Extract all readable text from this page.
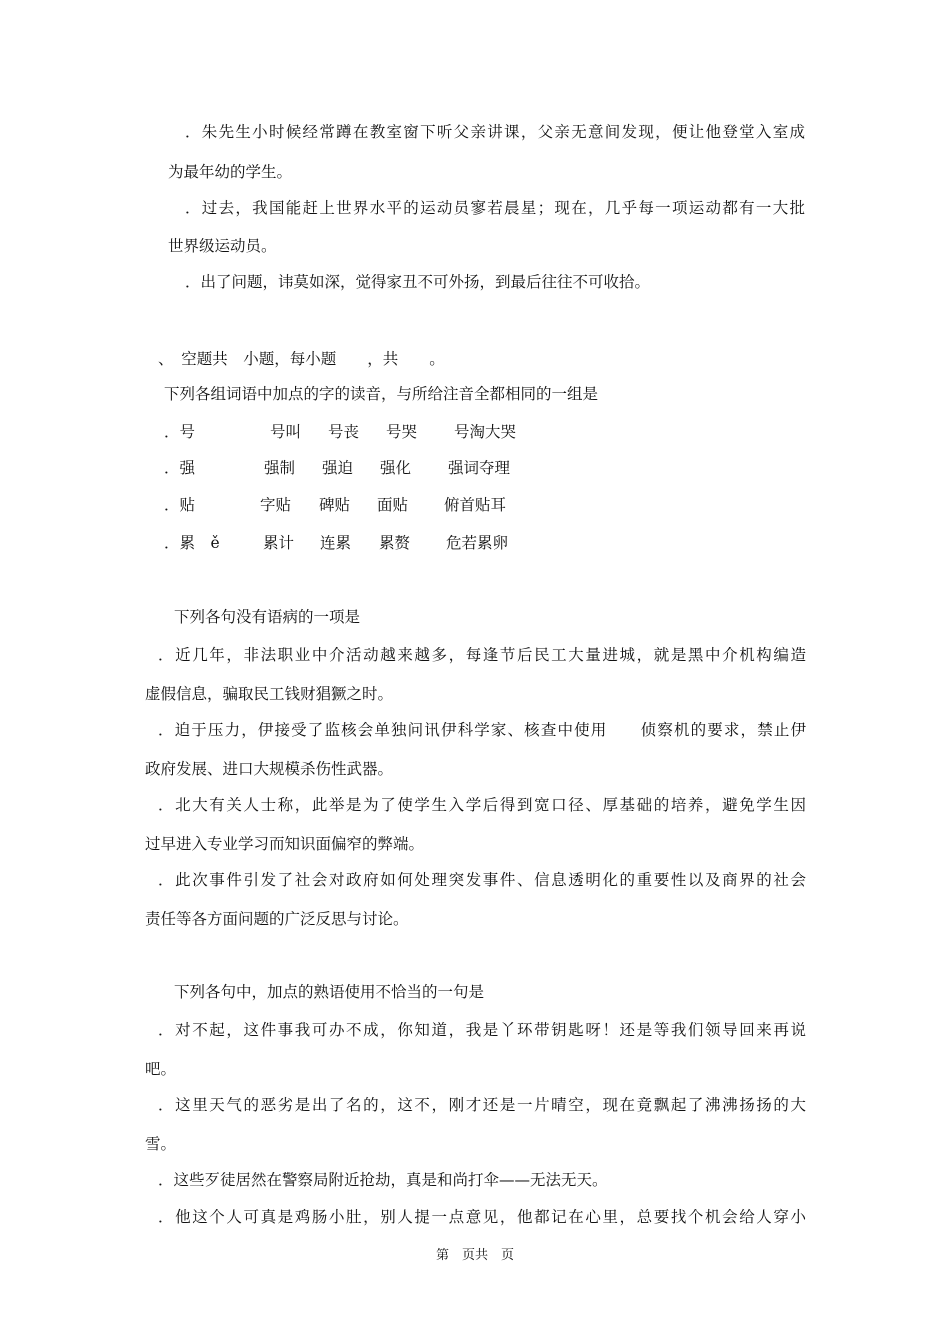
．朱先生小时候经常蹲在教室窗下听父亲讲课，父亲无意间发现，便让他登堂入室成
为最年幼的学生。
．过去，我国能赶上世界水平的运动员寥若晨星；现在，几乎每一项运动都有一大批
世界级运动员。
．出了问题，讳莫如深，觉得家丑不可外扬，到最后往往不可收拾。
、　空题共　小题，每小题　　，共　　。
下列各组词语中加点的字的读音，与所给注音全都相同的一组是
．号	号叫 号丧 号哭 号淘大哭
．强	强制 强迫 强化 强词夺理
．贴	字贴 碑贴 面贴 俯首贴耳
．累　ě	累计 连累 累赘 危若累卵
下列各句没有语病的一项是
．近几年，非法职业中介活动越来越多，每逢节后民工大量进城，就是黑中介机构编造
虚假信息，骗取民工钱财猖獗之时。
．迫于压力，伊接受了监核会单独问讯伊科学家、核查中使用　　侦察机的要求，禁止伊
政府发展、进口大规模杀伤性武器。
．北大有关人士称，此举是为了使学生入学后得到宽口径、厚基础的培养，避免学生因
过早进入专业学习而知识面偏窄的弊端。
．此次事件引发了社会对政府如何处理突发事件、信息透明化的重要性以及商界的社会
责任等各方面问题的广泛反思与讨论。
下列各句中，加点的熟语使用不恰当的一句是
．对不起，这件事我可办不成，你知道，我是丫环带钥匙呀！还是等我们领导回来再说
吧。
．这里天气的恶劣是出了名的，这不，刚才还是一片晴空，现在竟飘起了沸沸扬扬的大
雪。
．这些歹徒居然在警察局附近抢劫，真是和尚打伞——无法无天。
．他这个人可真是鸡肠小肚，别人提一点意见，他都记在心里，总要找个机会给人穿小
第　页共　页
